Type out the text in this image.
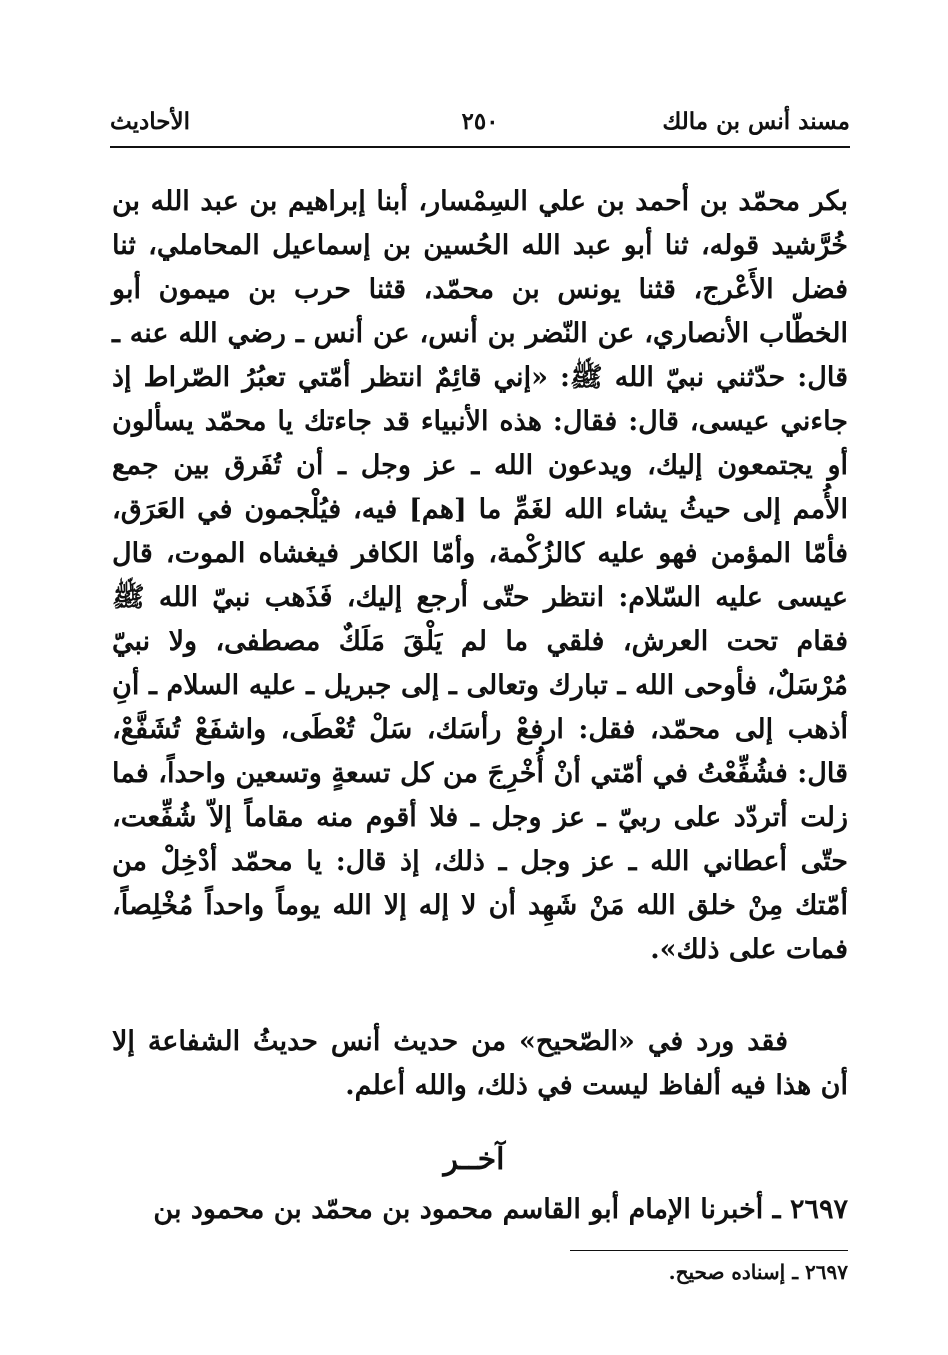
مسند أنس بن مالك
٢٥٠
الأحاديث
بكر محمّد بن أحمد بن علي السِمْسار، أبنا إبراهيم بن عبد الله بن خُرَّشيد قوله، ثنا أبو عبد الله الحُسين بن إسماعيل المحاملي، ثنا فضل الأَعْرج، قثنا يونس بن محمّد، قثنا حرب بن ميمون أبو الخطّاب الأنصاري، عن النّضر بن أنس، عن أنس ـ رضي الله عنه ـ قال: حدّثني نبيّ الله ﷺ: «إني قائِمٌ انتظر أمّتي تعبُرُ الصّراط إذ جاءني عيسى، قال: فقال: هذه الأنبياء قد جاءتك يا محمّد يسألون أو يجتمعون إليك، ويدعون الله ـ عز وجل ـ أن تُفَرق بين جمع الأُمم إلى حيثُ يشاء الله لغَمِّ ما [هم] فيه، فيُلْجمون في العَرَق، فأمّا المؤمن فهو عليه كالزُكْمة، وأمّا الكافر فيغشاه الموت، قال عيسى عليه السّلام: انتظر حتّى أرجع إليك، فَذَهب نبيّ الله ﷺ فقام تحت العرش، فلقي ما لم يَلْقَ مَلَكٌ مصطفى، ولا نبيّ مُرْسَلٌ، فأوحى الله ـ تبارك وتعالى ـ إلى جبريل ـ عليه السلام ـ أنِ أذهب إلى محمّد، فقل: ارفعْ رأسَك، سَلْ تُعْطَى، واشفَعْ تُشَفَّعْ، قال: فشُفِّعْتُ في أمّتي أنْ أُخْرِجَ من كل تسعةٍ وتسعين واحداً، فما زلت أتردّد على ربيّ ـ عز وجل ـ فلا أقوم منه مقاماً إلاّ شُفِّعت، حتّى أعطاني الله ـ عز وجل ـ ذلك، إذ قال: يا محمّد أدْخِلْ من أمّتك مِنْ خلق الله مَنْ شَهِد أن لا إله إلا الله يوماً واحداً مُخْلِصاً، فمات على ذلك».
فقد ورد في «الصّحيح» من حديث أنس حديثُ الشفاعة إلا أن هذا فيه ألفاظ ليست في ذلك، والله أعلم.
آخــر
٢٦٩٧ ـ أخبرنا الإمام أبو القاسم محمود بن محمّد بن محمود بن
٢٦٩٧ ـ إسناده صحيح.
